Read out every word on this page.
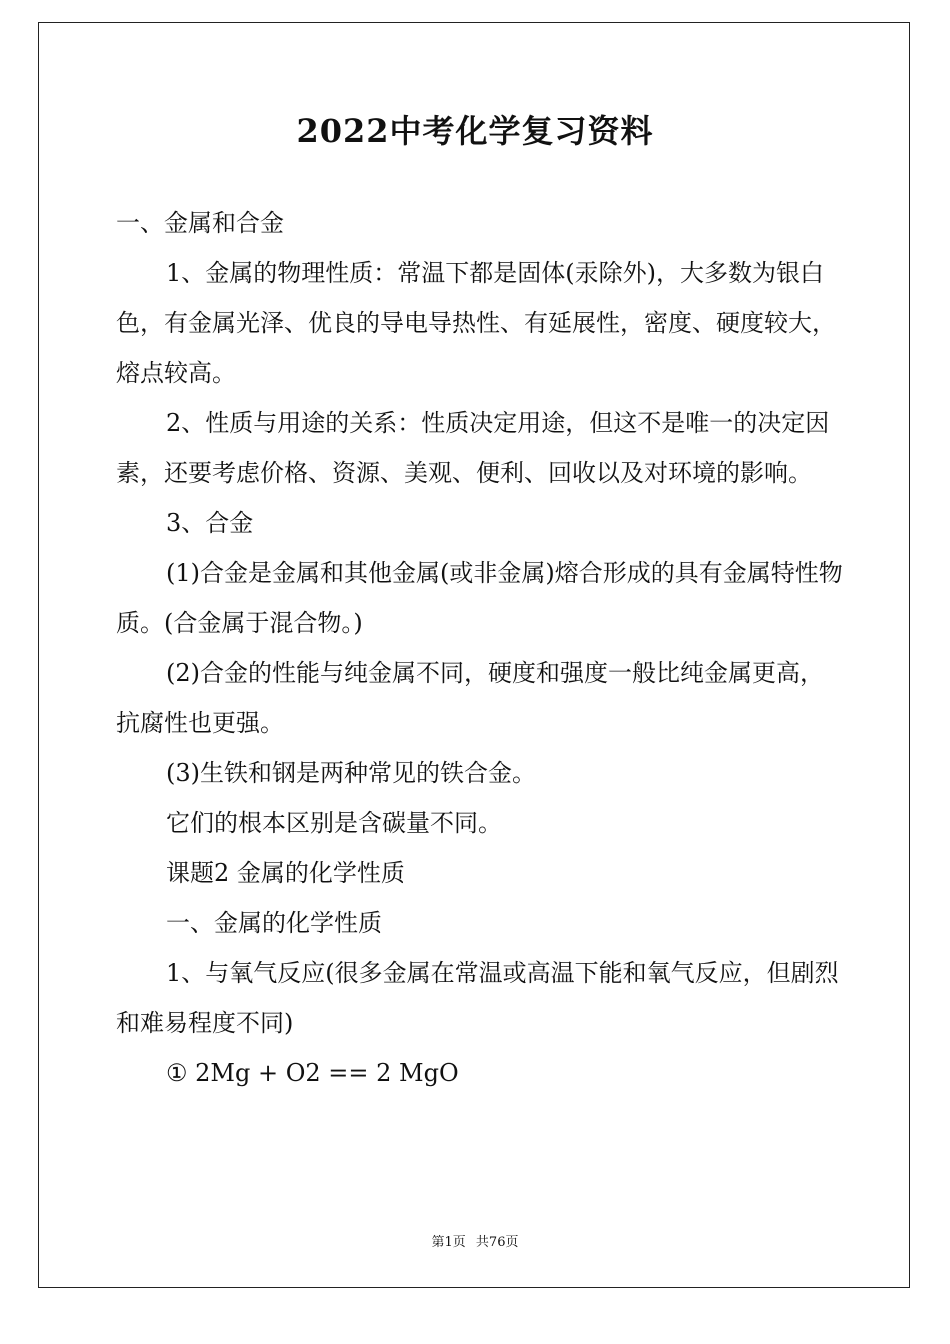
2022中考化学复习资料

一、金属和合金

1、金属的物理性质：常温下都是固体(汞除外)，大多数为银白色，有金属光泽、优良的导电导热性、有延展性，密度、硬度较大，熔点较高。

2、性质与用途的关系：性质决定用途，但这不是唯一的决定因素，还要考虑价格、资源、美观、便利、回收以及对环境的影响。

3、合金

(1)合金是金属和其他金属(或非金属)熔合形成的具有金属特性物质。(合金属于混合物。)

(2)合金的性能与纯金属不同，硬度和强度一般比纯金属更高，抗腐性也更强。

(3)生铁和钢是两种常见的铁合金。

它们的根本区别是含碳量不同。

课题2 金属的化学性质

一、金属的化学性质

1、与氧气反应(很多金属在常温或高温下能和氧气反应，但剧烈和难易程度不同)

① 2Mg + O2 == 2 MgO

第1页 共76页
